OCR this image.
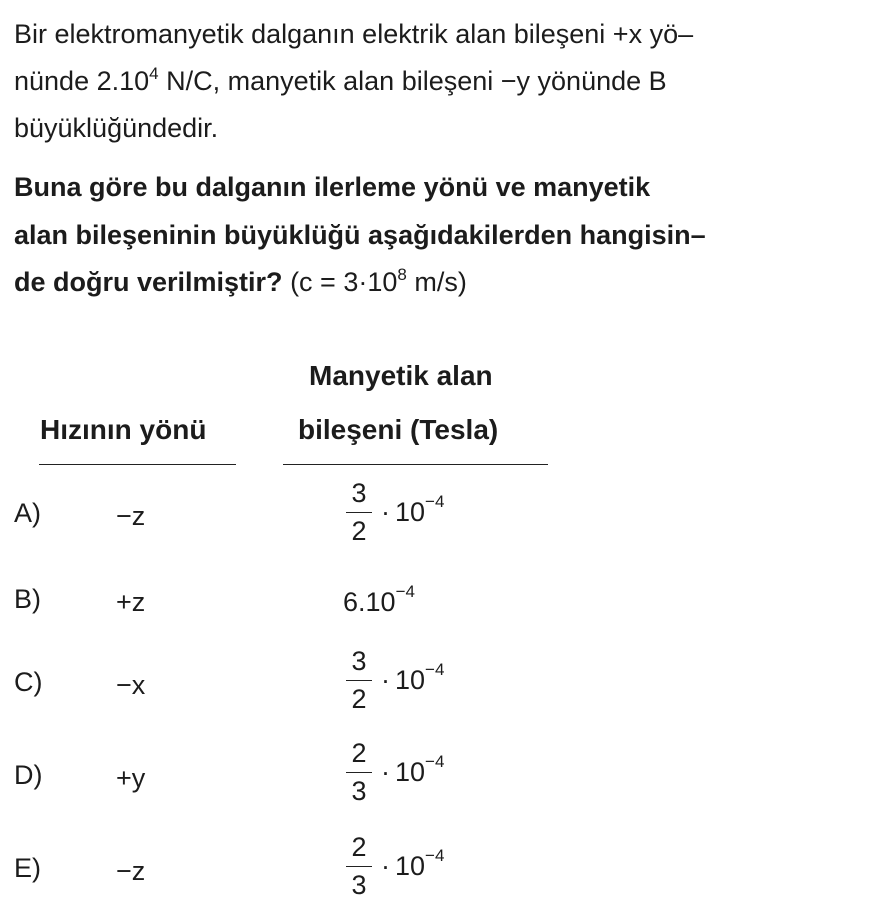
Bir elektromanyetik dalganın elektrik alan bileşeni +x yö–
nünde 2.10$^4$ N/C, manyetik alan bileşeni −y yönünde B
büyüklüğündedir.
Buna göre bu dalganın ilerleme yönü ve manyetik
alan bileşeninin büyüklüğü aşağıdakilerden hangisin–
de doğru verilmiştir? ($c = 3\cdot 10^8$ m/s)
Manyetik alan
Hızının yönü	bileşeni (Tesla)
A)	−z	$\frac{3}{2} \cdot 10 -4$
B)	+z	6.10 −4
C)	−x	$\frac{3}{2} \cdot 10 -4$
D)	+y	$\frac{2}{3} \cdot 10 -4$
E)	−z	$\frac{2}{3} \cdot 10 -4$
